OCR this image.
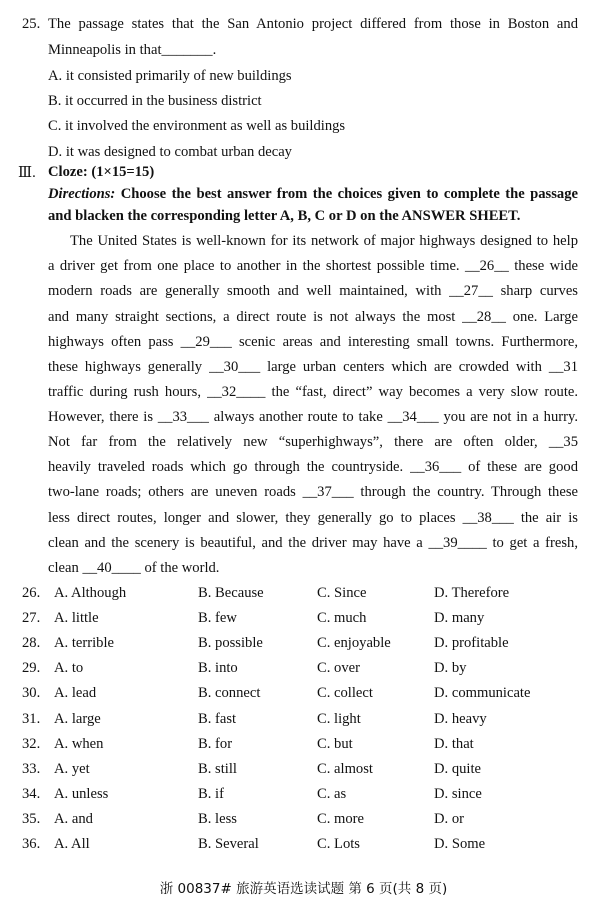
25. The passage states that the San Antonio project differed from those in Boston and
Minneapolis in that_______.
A. it consisted primarily of new buildings
B. it occurred in the business district
C. it involved the environment as well as buildings
D. it was designed to combat urban decay
Ⅲ. Cloze: (1×15=15)
Directions: Choose the best answer from the choices given to complete the passage
and blacken the corresponding letter A, B, C or D on the ANSWER SHEET.
The United States is well-known for its network of major highways designed to help
a driver get from one place to another in the shortest possible time. __26__ these wide
modern roads are generally smooth and well maintained, with __27__ sharp curves
and many straight sections, a direct route is not always the most __28__ one. Large
highways often pass __29___ scenic areas and interesting small towns. Furthermore,
these highways generally __30___ large urban centers which are crowded with __31
traffic during rush hours, __32____ the “fast, direct” way becomes a very slow route.
However, there is __33___ always another route to take __34___ you are not in a hurry.
Not far from the relatively new “superhighways”, there are often older, __35
heavily traveled roads which go through the countryside. __36___ of these are good
two-lane roads; others are uneven roads __37___ through the country. Through these
less direct routes, longer and slower, they generally go to places __38___ the air is
clean and the scenery is beautiful, and the driver may have a __39____ to get a fresh,
clean __40____ of the world.
26. A. Although	B. Because	C. Since	D. Therefore
27. A. little	B. few	C. much	D. many
28. A. terrible	B. possible	C. enjoyable	D. profitable
29. A. to	B. into	C. over	D. by
30. A. lead	B. connect	C. collect	D. communicate
31. A. large	B. fast	C. light	D. heavy
32. A. when	B. for	C. but	D. that
33. A. yet	B. still	C. almost	D. quite
34. A. unless	B. if	C. as	D. since
35. A. and	B. less	C. more	D. or
36. A. All	B. Several	C. Lots	D. Some
浙 00837# 旅游英语选读试题 第 6 页(共 8 页)
